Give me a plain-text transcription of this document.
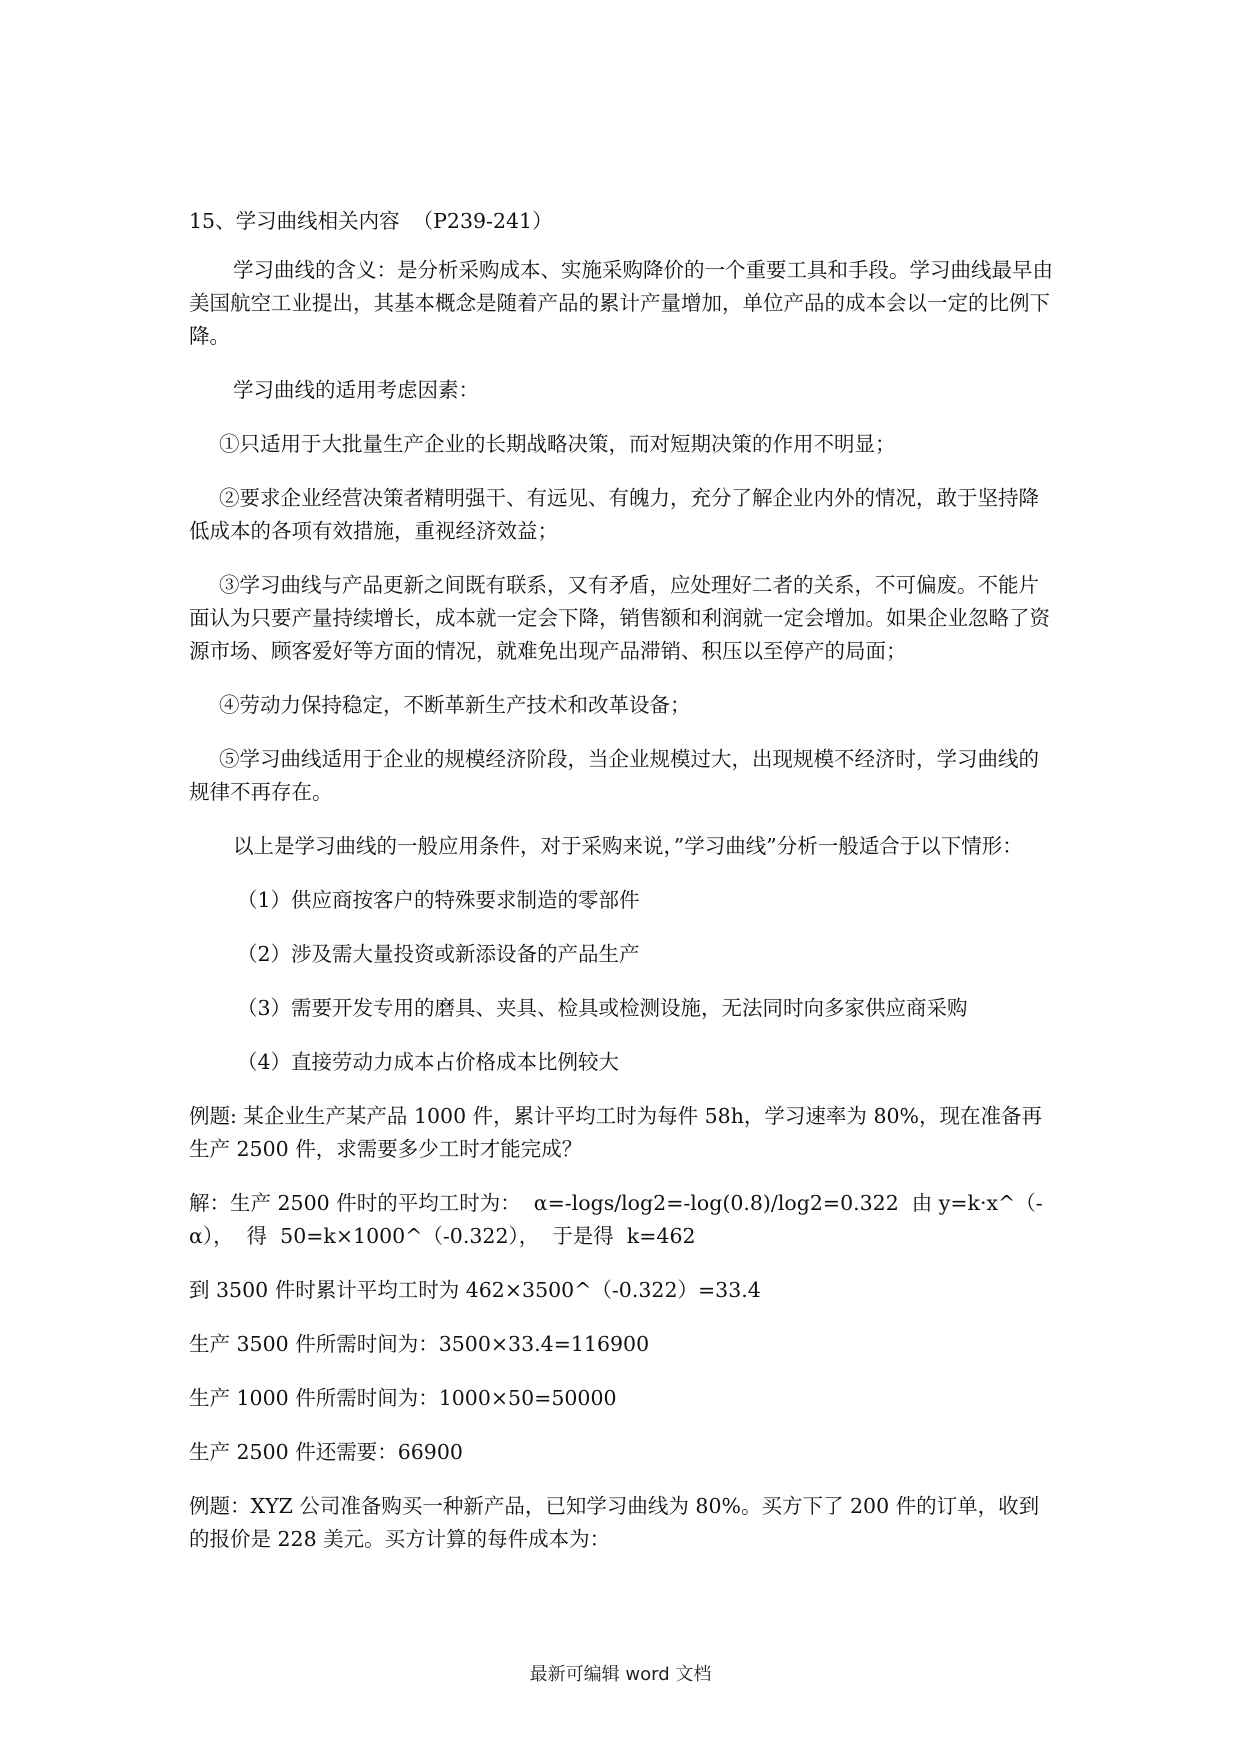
15、学习曲线相关内容  （P239-241）

学习曲线的含义：是分析采购成本、实施采购降价的一个重要工具和手段。学习曲线最早由美国航空工业提出，其基本概念是随着产品的累计产量增加，单位产品的成本会以一定的比例下降。

学习曲线的适用考虑因素：

①只适用于大批量生产企业的长期战略决策，而对短期决策的作用不明显；

②要求企业经营决策者精明强干、有远见、有魄力，充分了解企业内外的情况，敢于坚持降低成本的各项有效措施，重视经济效益；

③学习曲线与产品更新之间既有联系，又有矛盾，应处理好二者的关系，不可偏废。不能片面认为只要产量持续增长，成本就一定会下降，销售额和利润就一定会增加。如果企业忽略了资源市场、顾客爱好等方面的情况，就难免出现产品滞销、积压以至停产的局面；

④劳动力保持稳定，不断革新生产技术和改革设备；

⑤学习曲线适用于企业的规模经济阶段，当企业规模过大，出现规模不经济时，学习曲线的规律不再存在。

以上是学习曲线的一般应用条件，对于采购来说，”学习曲线”分析一般适合于以下情形：

（1）供应商按客户的特殊要求制造的零部件

（2）涉及需大量投资或新添设备的产品生产

（3）需要开发专用的磨具、夹具、检具或检测设施，无法同时向多家供应商采购

（4）直接劳动力成本占价格成本比例较大

例题: 某企业生产某产品 1000 件，累计平均工时为每件 58h，学习速率为 80%，现在准备再生产 2500 件，求需要多少工时才能完成？

解：生产 2500 件时的平均工时为：  α=-logs/log2=-log(0.8)/log2=0.322  由 y=k·x^（-α），  得  50=k×1000^（-0.322），  于是得  k=462

到 3500 件时累计平均工时为 462×3500^（-0.322）=33.4

生产 3500 件所需时间为：3500×33.4=116900

生产 1000 件所需时间为：1000×50=50000

生产 2500 件还需要：66900

例题：XYZ 公司准备购买一种新产品，已知学习曲线为 80%。买方下了 200 件的订单，收到的报价是 228 美元。买方计算的每件成本为：

最新可编辑 word 文档
